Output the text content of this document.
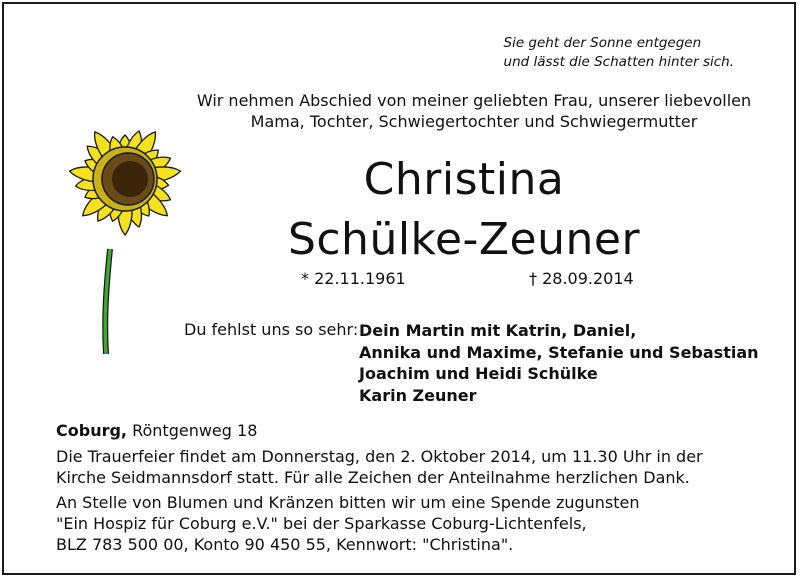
Sie geht der Sonne entgegen
und lässt die Schatten hinter sich.
Wir nehmen Abschied von meiner geliebten Frau, unserer liebevollen
Mama, Tochter, Schwiegertochter und Schwiegermutter
Christina
Schülke-Zeuner
* 22.11.1961	† 28.09.2014
Du fehlst uns so sehr: Dein Martin mit Katrin, Daniel,
Annika und Maxime, Stefanie und Sebastian
Joachim und Heidi Schülke
Karin Zeuner
Coburg, Röntgenweg 18
Die Trauerfeier findet am Donnerstag, den 2. Oktober 2014, um 11.30 Uhr in der
Kirche Seidmannsdorf statt. Für alle Zeichen der Anteilnahme herzlichen Dank.
An Stelle von Blumen und Kränzen bitten wir um eine Spende zugunsten
"Ein Hospiz für Coburg e.V." bei der Sparkasse Coburg-Lichtenfels,
BLZ 783 500 00, Konto 90 450 55, Kennwort: "Christina".
